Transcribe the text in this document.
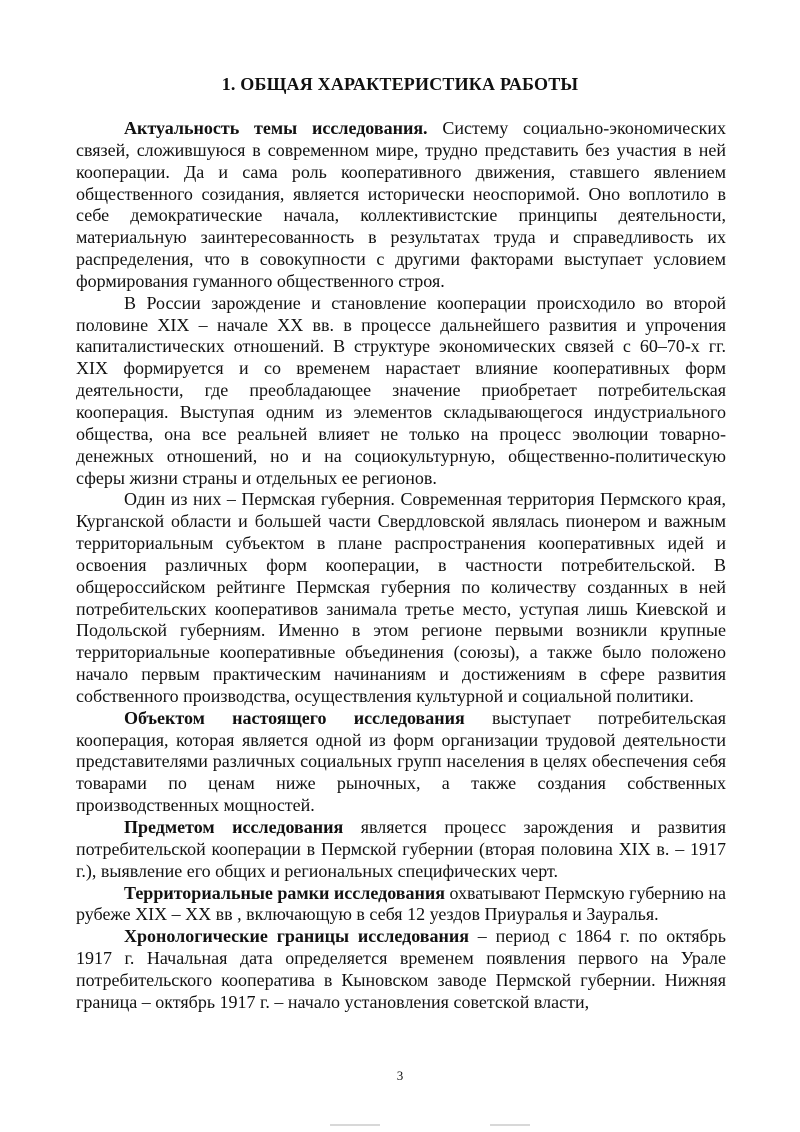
1. ОБЩАЯ ХАРАКТЕРИСТИКА РАБОТЫ

Актуальность темы исследования. Систему социально-экономических связей, сложившуюся в современном мире, трудно представить без участия в ней кооперации. Да и сама роль кооперативного движения, ставшего явлением общественного созидания, является исторически неоспоримой. Оно воплотило в себе демократические начала, коллективистские принципы деятельности, материальную заинтересованность в результатах труда и справедливость их распределения, что в совокупности с другими факторами выступает условием формирования гуманного общественного строя.

В России зарождение и становление кооперации происходило во второй половине XIX – начале XX вв. в процессе дальнейшего развития и упрочения капиталистических отношений. В структуре экономических связей с 60–70-х гг. XIX формируется и со временем нарастает влияние кооперативных форм деятельности, где преобладающее значение приобретает потребительская кооперация. Выступая одним из элементов складывающегося индустриального общества, она все реальней влияет не только на процесс эволюции товарно-денежных отношений, но и на социокультурную, общественно-политическую сферы жизни страны и отдельных ее регионов.

Один из них – Пермская губерния. Современная территория Пермского края, Курганской области и большей части Свердловской являлась пионером и важным территориальным субъектом в плане распространения кооперативных идей и освоения различных форм кооперации, в частности потребительской. В общероссийском рейтинге Пермская губерния по количеству созданных в ней потребительских кооперативов занимала третье место, уступая лишь Киевской и Подольской губерниям. Именно в этом регионе первыми возникли крупные территориальные кооперативные объединения (союзы), а также было положено начало первым практическим начинаниям и достижениям в сфере развития собственного производства, осуществления культурной и социальной политики.

Объектом настоящего исследования выступает потребительская кооперация, которая является одной из форм организации трудовой деятельности представителями различных социальных групп населения в целях обеспечения себя товарами по ценам ниже рыночных, а также создания собственных производственных мощностей.

Предметом исследования является процесс зарождения и развития потребительской кооперации в Пермской губернии (вторая половина XIX в. – 1917 г.), выявление его общих и региональных специфических черт.

Территориальные рамки исследования охватывают Пермскую губернию на рубеже XIX – XX вв , включающую в себя 12 уездов Приуралья и Зауралья.

Хронологические границы исследования – период с 1864 г. по октябрь 1917 г. Начальная дата определяется временем появления первого на Урале потребительского кооператива в Кыновском заводе Пермской губернии. Нижняя граница – октябрь 1917 г. – начало установления советской власти,

3
